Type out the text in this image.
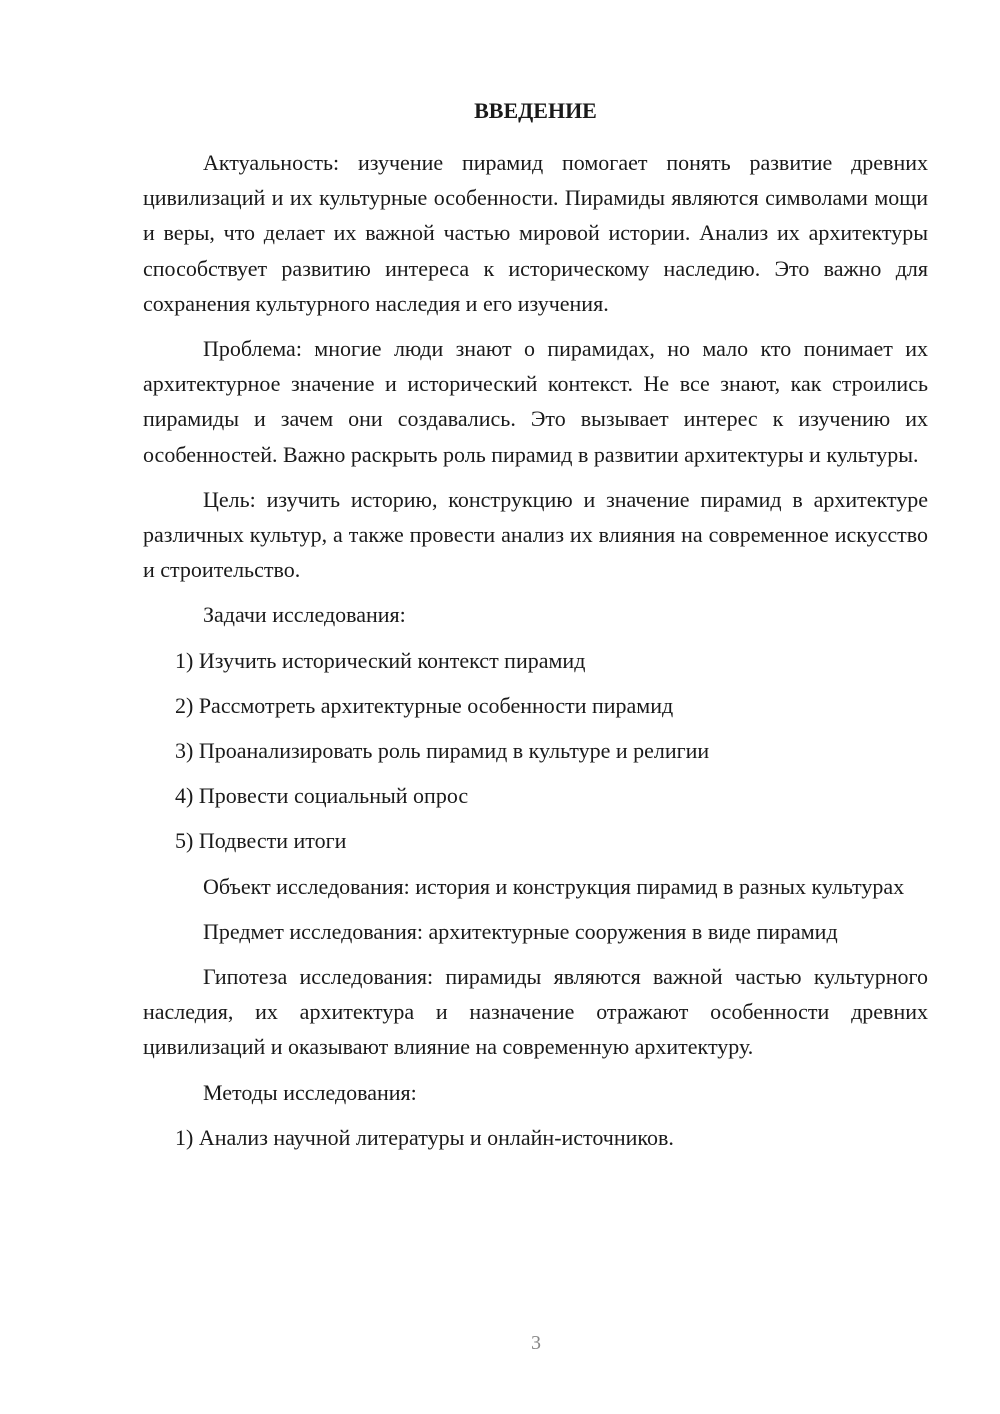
ВВЕДЕНИЕ

Актуальность: изучение пирамид помогает понять развитие древних цивилизаций и их культурные особенности. Пирамиды являются символами мощи и веры, что делает их важной частью мировой истории. Анализ их архитектуры способствует развитию интереса к историческому наследию. Это важно для сохранения культурного наследия и его изучения.

Проблема: многие люди знают о пирамидах, но мало кто понимает их архитектурное значение и исторический контекст. Не все знают, как строились пирамиды и зачем они создавались. Это вызывает интерес к изучению их особенностей. Важно раскрыть роль пирамид в развитии архитектуры и культуры.

Цель: изучить историю, конструкцию и значение пирамид в архитектуре различных культур, а также провести анализ их влияния на современное искусство и строительство.

Задачи исследования:

1) Изучить исторический контекст пирамид
2) Рассмотреть архитектурные особенности пирамид
3) Проанализировать роль пирамид в культуре и религии
4) Провести социальный опрос
5) Подвести итоги

Объект исследования: история и конструкция пирамид в разных культурах

Предмет исследования: архитектурные сооружения в виде пирамид

Гипотеза исследования: пирамиды являются важной частью культурного наследия, их архитектура и назначение отражают особенности древних цивилизаций и оказывают влияние на современную архитектуру.

Методы исследования:

1) Анализ научной литературы и онлайн-источников.
3
